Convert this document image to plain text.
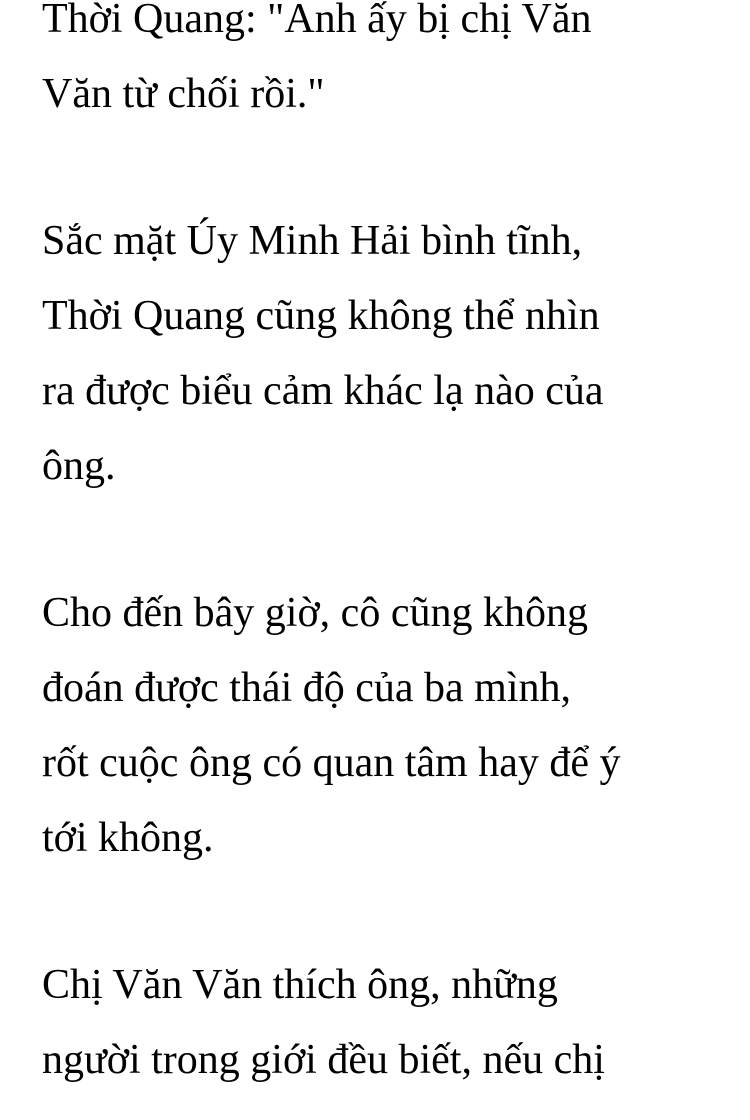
Thời Quang: "Anh ấy bị chị Văn
Văn từ chối rồi."
Sắc mặt Úy Minh Hải bình tĩnh,
Thời Quang cũng không thể nhìn
ra được biểu cảm khác lạ nào của
ông.
Cho đến bây giờ, cô cũng không
đoán được thái độ của ba mình,
rốt cuộc ông có quan tâm hay để ý
tới không.
Chị Văn Văn thích ông, những
người trong giới đều biết, nếu chị
